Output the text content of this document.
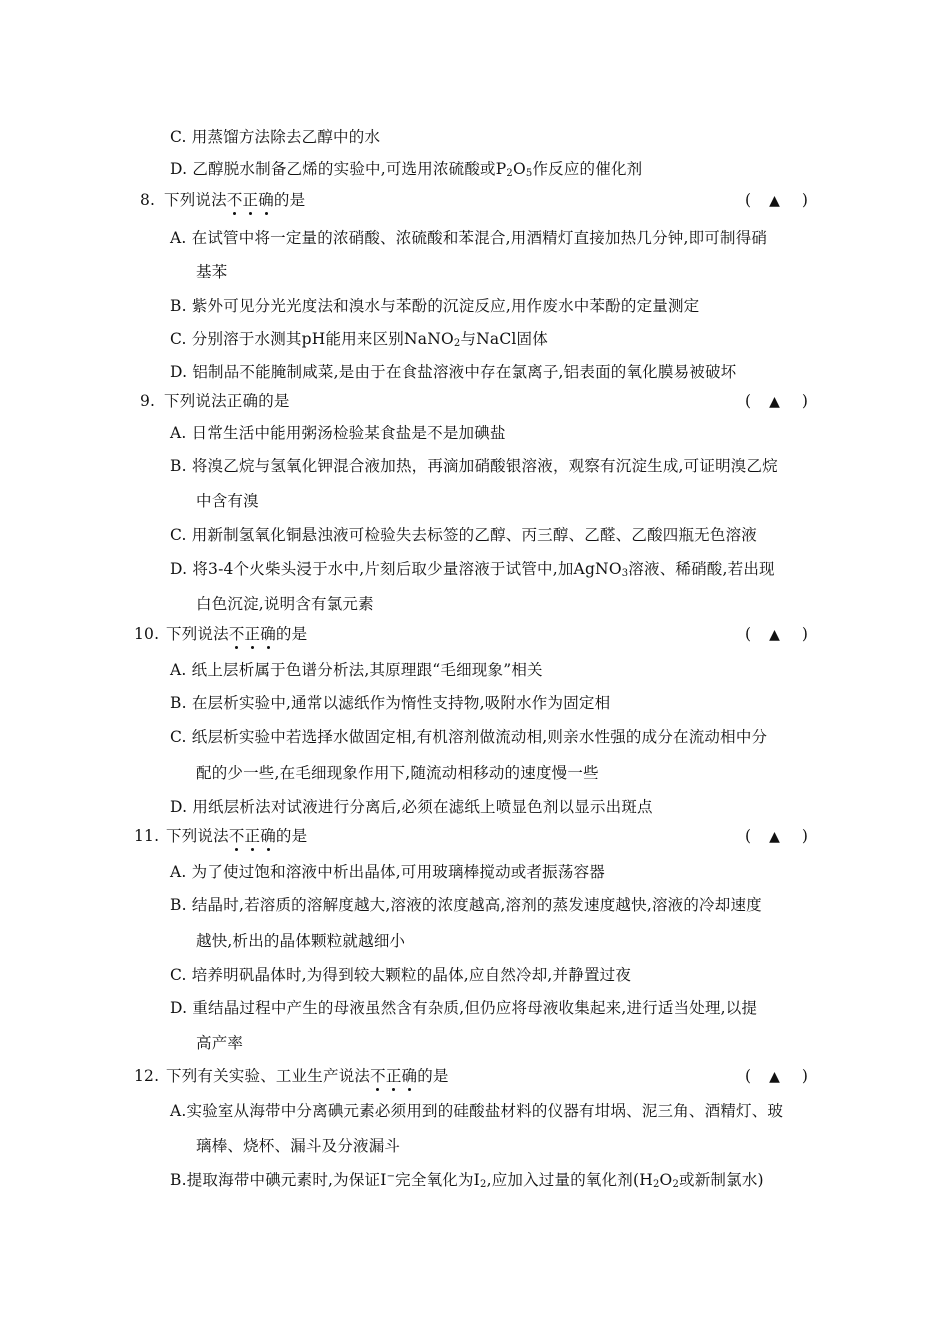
C. 用蒸馏方法除去乙醇中的水
D. 乙醇脱水制备乙烯的实验中,可选用浓硫酸或$P_2O_5$作反应的催化剂
8. 下列说法不正确的是	( ▲ )
A. 在试管中将一定量的浓硝酸、浓硫酸和苯混合,用酒精灯直接加热几分钟,即可制得硝
基苯
B. 紫外可见分光光度法和溴水与苯酚的沉淀反应,用作废水中苯酚的定量测定
C. 分别溶于水测其pH能用来区别NaNO$_2$与NaCl固体
D. 铝制品不能腌制咸菜,是由于在食盐溶液中存在氯离子,铝表面的氧化膜易被破坏
9. 下列说法正确的是	( ▲ )
A. 日常生活中能用粥汤检验某食盐是不是加碘盐
B. 将溴乙烷与氢氧化钾混合液加热，再滴加硝酸银溶液，观察有沉淀生成,可证明溴乙烷
中含有溴
C. 用新制氢氧化铜悬浊液可检验失去标签的乙醇、丙三醇、乙醛、乙酸四瓶无色溶液
D. 将3-4个火柴头浸于水中,片刻后取少量溶液于试管中,加AgNO$_3$溶液、稀硝酸,若出现
白色沉淀,说明含有氯元素
10. 下列说法不正确的是	( ▲ )
A. 纸上层析属于色谱分析法,其原理跟“毛细现象”相关
B. 在层析实验中,通常以滤纸作为惰性支持物,吸附水作为固定相
C. 纸层析实验中若选择水做固定相,有机溶剂做流动相,则亲水性强的成分在流动相中分
配的少一些,在毛细现象作用下,随流动相移动的速度慢一些
D. 用纸层析法对试液进行分离后,必须在滤纸上喷显色剂以显示出斑点
11. 下列说法不正确的是	( ▲ )
A. 为了使过饱和溶液中析出晶体,可用玻璃棒搅动或者振荡容器
B. 结晶时,若溶质的溶解度越大,溶液的浓度越高,溶剂的蒸发速度越快,溶液的冷却速度
越快,析出的晶体颗粒就越细小
C. 培养明矾晶体时,为得到较大颗粒的晶体,应自然冷却,并静置过夜
D. 重结晶过程中产生的母液虽然含有杂质,但仍应将母液收集起来,进行适当处理,以提
高产率
12. 下列有关实验、工业生产说法不正确的是	( ▲ )
A.实验室从海带中分离碘元素必须用到的硅酸盐材料的仪器有坩埚、泥三角、酒精灯、玻
璃棒、烧杯、漏斗及分液漏斗
B.提取海带中碘元素时,为保证I−完全氧化为$I_2$,应加入过量的氧化剂($H_2O_2$或新制氯水)
